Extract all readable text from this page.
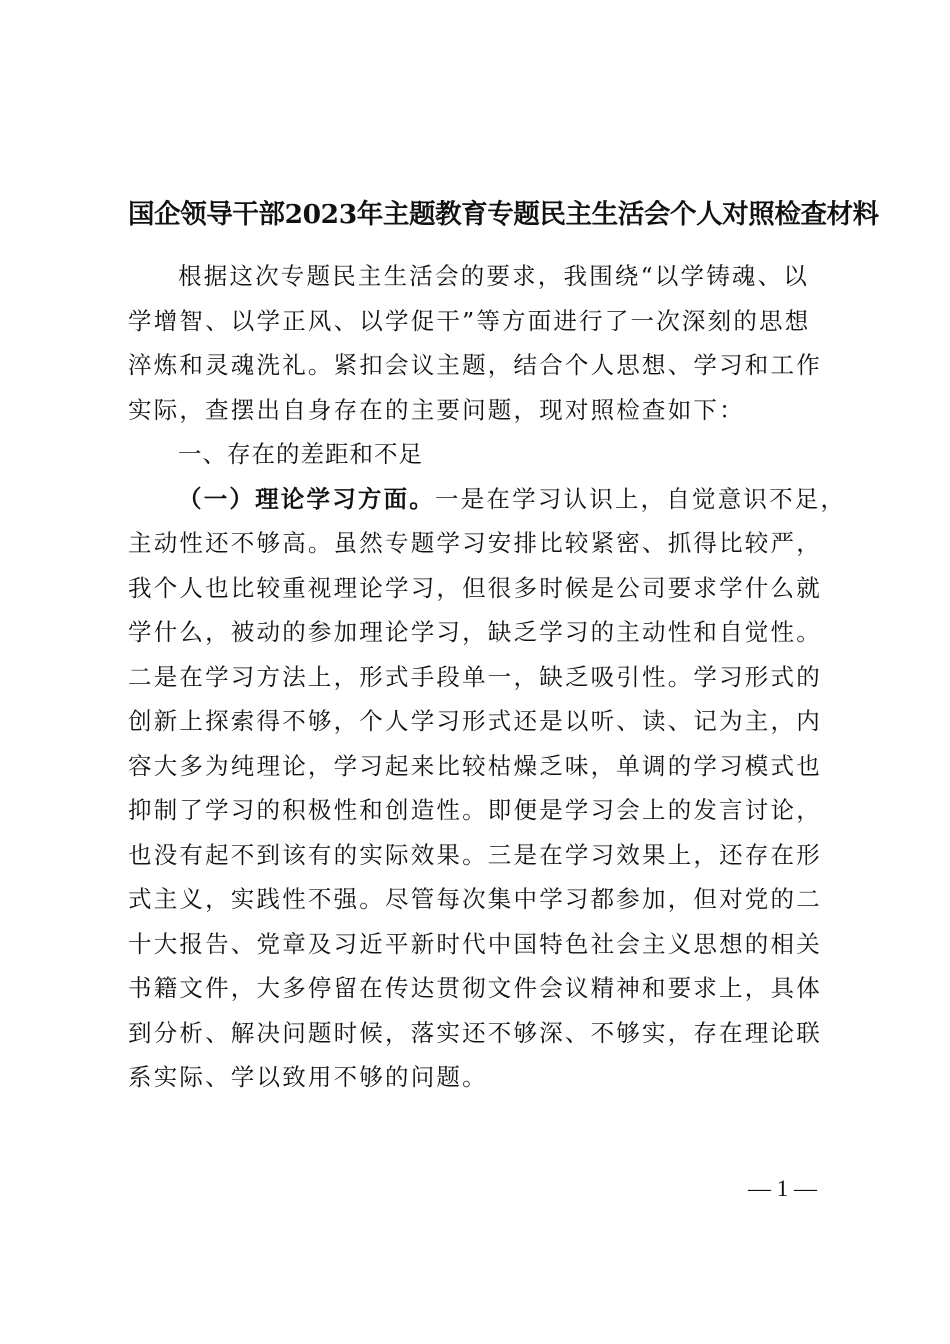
国企领导干部2023年主题教育专题民主生活会个人对照检查材料
根据这次专题民主生活会的要求，我围绕“以学铸魂、以
学增智、以学正风、以学促干”等方面进行了一次深刻的思想
淬炼和灵魂洗礼。紧扣会议主题，结合个人思想、学习和工作
实际，查摆出自身存在的主要问题，现对照检查如下：
一、存在的差距和不足
（一）理论学习方面。一是在学习认识上，自觉意识不足，
主动性还不够高。虽然专题学习安排比较紧密、抓得比较严，
我个人也比较重视理论学习，但很多时候是公司要求学什么就
学什么，被动的参加理论学习，缺乏学习的主动性和自觉性。
二是在学习方法上，形式手段单一，缺乏吸引性。学习形式的
创新上探索得不够，个人学习形式还是以听、读、记为主，内
容大多为纯理论，学习起来比较枯燥乏味，单调的学习模式也
抑制了学习的积极性和创造性。即便是学习会上的发言讨论，
也没有起不到该有的实际效果。三是在学习效果上，还存在形
式主义，实践性不强。尽管每次集中学习都参加，但对党的二
十大报告、党章及习近平新时代中国特色社会主义思想的相关
书籍文件，大多停留在传达贯彻文件会议精神和要求上，具体
到分析、解决问题时候，落实还不够深、不够实，存在理论联
系实际、学以致用不够的问题。
— 1 —
